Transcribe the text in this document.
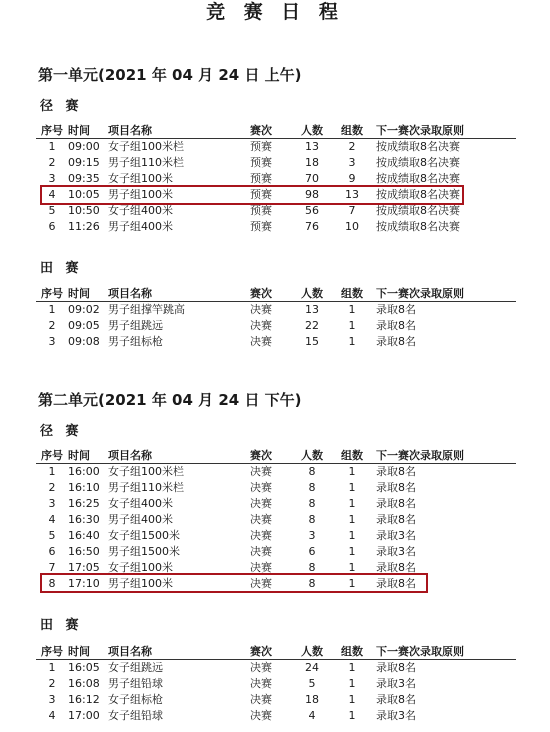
竞 赛 日 程
第一单元(2021 年 04 月 24 日 上午)
径 赛
序号	时间	项目名称	赛次	人数	组数	下一赛次录取原则
1	09:00	女子组100米栏	预赛	13	2	按成绩取8名决赛
2	09:15	男子组110米栏	预赛	18	3	按成绩取8名决赛
3	09:35	女子组100米	预赛	70	9	按成绩取8名决赛
4	10:05	男子组100米	预赛	98	13	按成绩取8名决赛
5	10:50	女子组400米	预赛	56	7	按成绩取8名决赛
6	11:26	男子组400米	预赛	76	10	按成绩取8名决赛
田 赛
序号	时间	项目名称	赛次	人数	组数	下一赛次录取原则
1	09:02	男子组撑竿跳高	决赛	13	1	录取8名
2	09:05	男子组跳远	决赛	22	1	录取8名
3	09:08	男子组标枪	决赛	15	1	录取8名
第二单元(2021 年 04 月 24 日 下午)
径 赛
序号	时间	项目名称	赛次	人数	组数	下一赛次录取原则
1	16:00	女子组100米栏	决赛	8	1	录取8名
2	16:10	男子组110米栏	决赛	8	1	录取8名
3	16:25	女子组400米	决赛	8	1	录取8名
4	16:30	男子组400米	决赛	8	1	录取8名
5	16:40	女子组1500米	决赛	3	1	录取3名
6	16:50	男子组1500米	决赛	6	1	录取3名
7	17:05	女子组100米	决赛	8	1	录取8名
8	17:10	男子组100米	决赛	8	1	录取8名
田 赛
序号	时间	项目名称	赛次	人数	组数	下一赛次录取原则
1	16:05	女子组跳远	决赛	24	1	录取8名
2	16:08	男子组铅球	决赛	5	1	录取3名
3	16:12	女子组标枪	决赛	18	1	录取8名
4	17:00	女子组铅球	决赛	4	1	录取3名
